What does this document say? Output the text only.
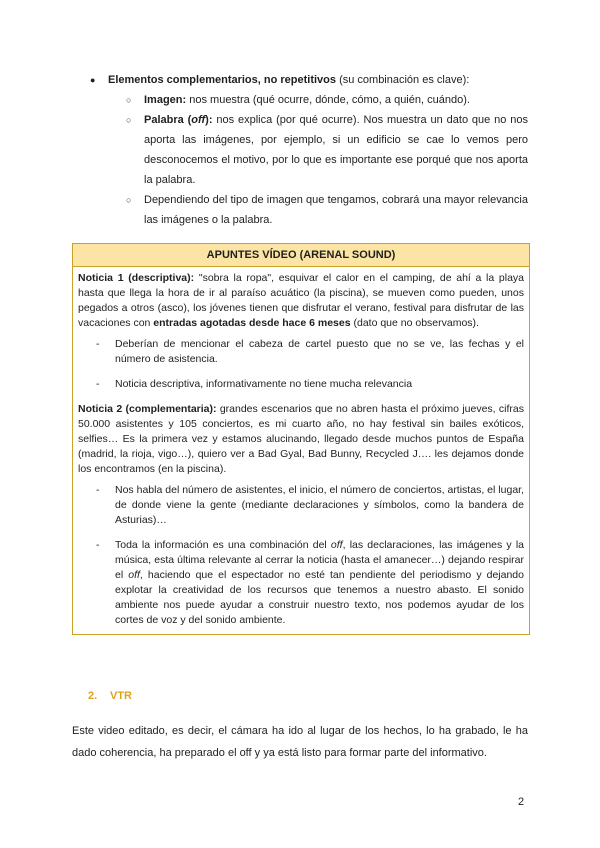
● Elementos complementarios, no repetitivos (su combinación es clave):
○ Imagen: nos muestra (qué ocurre, dónde, cómo, a quién, cuándo).
○ Palabra (off): nos explica (por qué ocurre). Nos muestra un dato que no nos aporta las imágenes, por ejemplo, si un edificio se cae lo vemos pero desconocemos el motivo, por lo que es importante ese porqué que nos aporta la palabra.
○ Dependiendo del tipo de imagen que tengamos, cobrará una mayor relevancia las imágenes o la palabra.
APUNTES VÍDEO (ARENAL SOUND)

Noticia 1 (descriptiva): "sobra la ropa", esquivar el calor en el camping, de ahí a la playa hasta que llega la hora de ir al paraíso acuático (la piscina), se mueven como pueden, unos pegados a otros (asco), los jóvenes tienen que disfrutar el verano, festival para disfrutar de las vacaciones con entradas agotadas desde hace 6 meses (dato que no observamos).

- Deberían de mencionar el cabeza de cartel puesto que no se ve, las fechas y el número de asistencia.
- Noticia descriptiva, informativamente no tiene mucha relevancia

Noticia 2 (complementaria): grandes escenarios que no abren hasta el próximo jueves, cifras 50.000 asistentes y 105 conciertos, es mi cuarto año, no hay festival sin bailes exóticos, selfies… Es la primera vez y estamos alucinando, llegado desde muchos puntos de España (madrid, la rioja, vigo…), quiero ver a Bad Gyal, Bad Bunny, Recycled J…. les dejamos donde los encontramos (en la piscina).

- Nos habla del número de asistentes, el inicio, el número de conciertos, artistas, el lugar, de donde viene la gente (mediante declaraciones y símbolos, como la bandera de Asturias)…
- Toda la información es una combinación del off, las declaraciones, las imágenes y la música, esta última relevante al cerrar la noticia (hasta el amanecer…) dejando respirar el off, haciendo que el espectador no esté tan pendiente del periodismo y dejando explotar la creatividad de los recursos que tenemos a nuestro abasto. El sonido ambiente nos puede ayudar a construir nuestro texto, nos podemos ayudar de los cortes de voz y del sonido ambiente.
2. VTR
Este video editado, es decir, el cámara ha ido al lugar de los hechos, lo ha grabado, le ha dado coherencia, ha preparado el off y ya está listo para formar parte del informativo.
2
